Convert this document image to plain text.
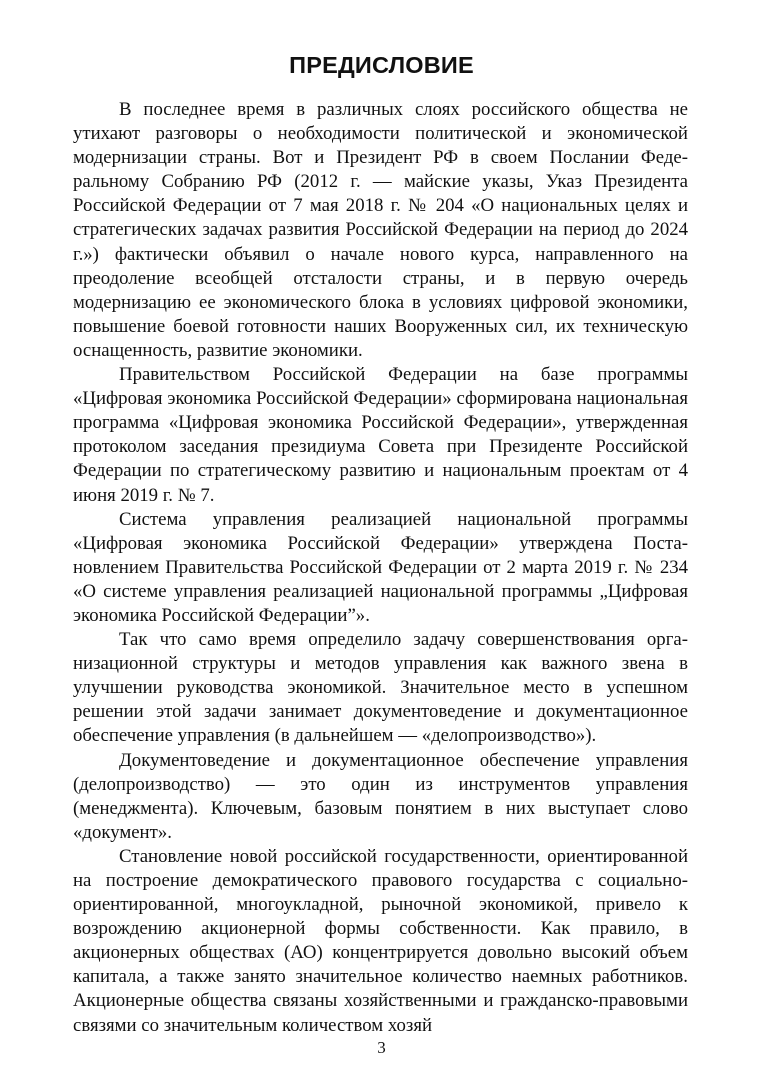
ПРЕДИСЛОВИЕ

В последнее время в различных слоях российского общества не утихают разговоры о необходимости политической и экономической модернизации страны. Вот и Президент РФ в своем Послании Федеральному Собранию РФ (2012 г. — майские указы, Указ Президента Российской Федерации от 7 мая 2018 г. № 204 «О национальных целях и стратегических задачах развития Российской Федерации на период до 2024 г.») фактически объявил о начале нового курса, направленного на преодоление всеобщей отсталости страны, и в первую очередь модернизацию ее экономического блока в условиях цифровой экономики, повышение боевой готовности наших Вооруженных сил, их техническую оснащенность, развитие экономики.

Правительством Российской Федерации на базе программы «Цифровая экономика Российской Федерации» сформирована национальная программа «Цифровая экономика Российской Федерации», утвержденная протоколом заседания президиума Совета при Президенте Российской Федерации по стратегическому развитию и национальным проектам от 4 июня 2019 г. № 7.

Система управления реализацией национальной программы «Цифровая экономика Российской Федерации» утверждена Постановлением Правительства Российской Федерации от 2 марта 2019 г. № 234 «О системе управления реализацией национальной программы „Цифровая экономика Российской Федерации”».

Так что само время определило задачу совершенствования организационной структуры и методов управления как важного звена в улучшении руководства экономикой. Значительное место в успешном решении этой задачи занимает документоведение и документационное обеспечение управления (в дальнейшем — «делопроизводство»).

Документоведение и документационное обеспечение управления (делопроизводство) — это один из инструментов управления (менеджмента). Ключевым, базовым понятием в них выступает слово «документ».

Становление новой российской государственности, ориентированной на построение демократического правового государства с социально-ориентированной, многоукладной, рыночной экономикой, привело к возрождению акционерной формы собственности. Как правило, в акционерных обществах (АО) концентрируется довольно высокий объем капитала, а также занято значительное количество наемных работников. Акционерные общества связаны хозяйственными и гражданско-правовыми связями со значительным количеством хозяй

3
